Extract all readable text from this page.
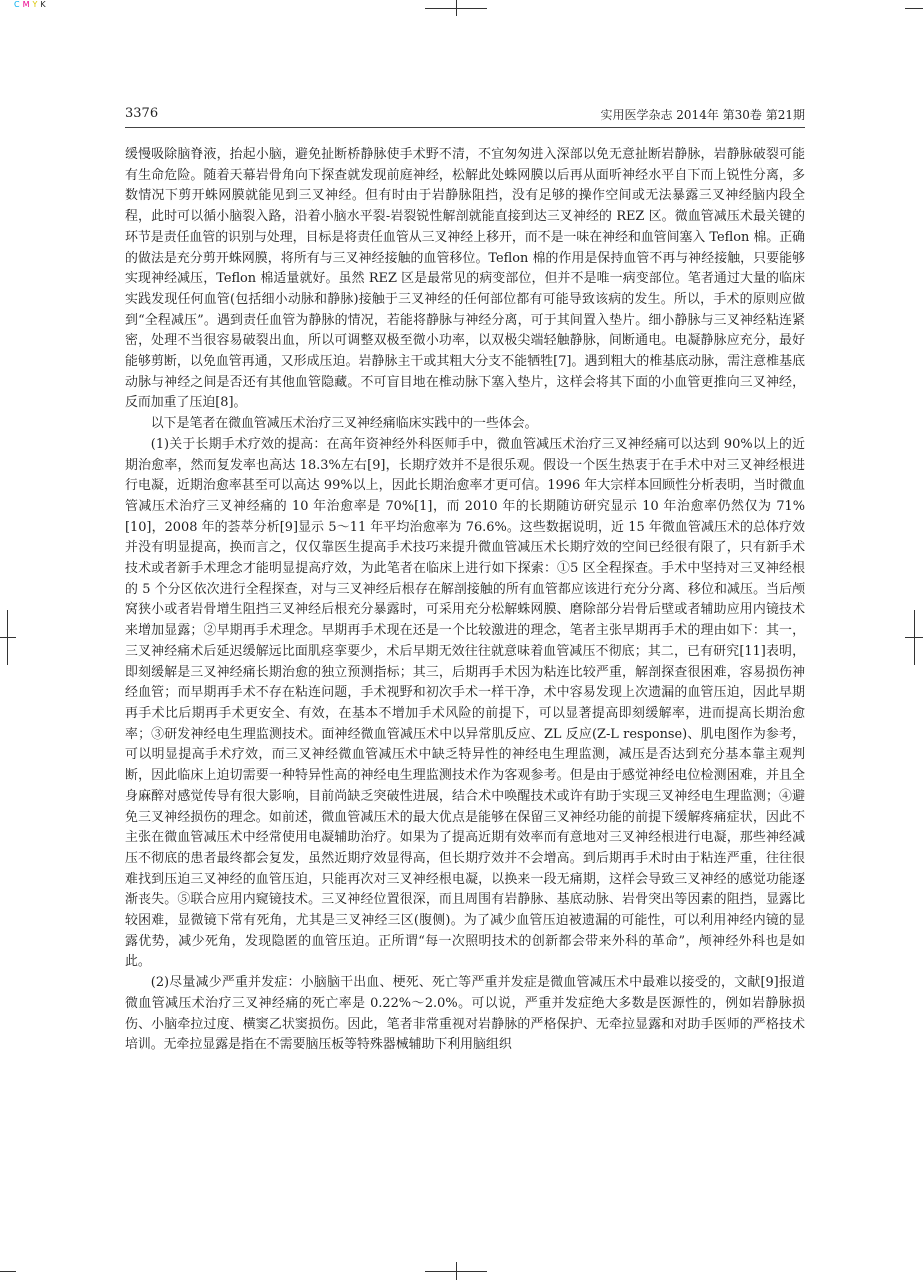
CMYK
3376	实用医学杂志 2014年 第30卷 第21期

缓慢吸除脑脊液，抬起小脑，避免扯断桥静脉使手术野不清，不宜匆匆进入深部以免无意扯断岩静脉，岩静脉破裂可能有生命危险。随着天幕岩骨角向下探查就发现前庭神经，松解此处蛛网膜以后再从面听神经水平自下而上锐性分离，多数情况下剪开蛛网膜就能见到三叉神经。但有时由于岩静脉阻挡，没有足够的操作空间或无法暴露三叉神经脑内段全程，此时可以循小脑裂入路，沿着小脑水平裂-岩裂锐性解剖就能直接到达三叉神经的 REZ 区。微血管减压术最关键的环节是责任血管的识别与处理，目标是将责任血管从三叉神经上移开，而不是一味在神经和血管间塞入 Teflon 棉。正确的做法是充分剪开蛛网膜，将所有与三叉神经接触的血管移位。Teflon 棉的作用是保持血管不再与神经接触，只要能够实现神经减压，Teflon 棉适量就好。虽然 REZ 区是最常见的病变部位，但并不是唯一病变部位。笔者通过大量的临床实践发现任何血管(包括细小动脉和静脉)接触于三叉神经的任何部位都有可能导致该病的发生。所以，手术的原则应做到“全程减压”。遇到责任血管为静脉的情况，若能将静脉与神经分离，可于其间置入垫片。细小静脉与三叉神经粘连紧密，处理不当很容易破裂出血，所以可调整双极至微小功率，以双极尖端轻触静脉，间断通电。电凝静脉应充分，最好能够剪断，以免血管再通，又形成压迫。岩静脉主干或其粗大分支不能牺牲[7]。遇到粗大的椎基底动脉，需注意椎基底动脉与神经之间是否还有其他血管隐藏。不可盲目地在椎动脉下塞入垫片，这样会将其下面的小血管更推向三叉神经，反而加重了压迫[8]。

以下是笔者在微血管减压术治疗三叉神经痛临床实践中的一些体会。

(1)关于长期手术疗效的提高：在高年资神经外科医师手中，微血管减压术治疗三叉神经痛可以达到 90%以上的近期治愈率，然而复发率也高达 18.3%左右[9]，长期疗效并不是很乐观。假设一个医生热衷于在手术中对三叉神经根进行电凝，近期治愈率甚至可以高达 99%以上，因此长期治愈率才更可信。1996 年大宗样本回顾性分析表明，当时微血管减压术治疗三叉神经痛的 10 年治愈率是 70%[1]，而 2010 年的长期随访研究显示 10 年治愈率仍然仅为 71%[10]，2008 年的荟萃分析[9]显示 5～11 年平均治愈率为 76.6%。这些数据说明，近 15 年微血管减压术的总体疗效并没有明显提高，换而言之，仅仅靠医生提高手术技巧来提升微血管减压术长期疗效的空间已经很有限了，只有新手术技术或者新手术理念才能明显提高疗效，为此笔者在临床上进行如下探索：①5 区全程探查。手术中坚持对三叉神经根的 5 个分区依次进行全程探查，对与三叉神经后根存在解剖接触的所有血管都应该进行充分分离、移位和减压。当后颅窝狭小或者岩骨增生阻挡三叉神经后根充分暴露时，可采用充分松解蛛网膜、磨除部分岩骨后壁或者辅助应用内镜技术来增加显露；②早期再手术理念。早期再手术现在还是一个比较激进的理念，笔者主张早期再手术的理由如下：其一，三叉神经痛术后延迟缓解远比面肌痉挛要少，术后早期无效往往就意味着血管减压不彻底；其二，已有研究[11]表明，即刻缓解是三叉神经痛长期治愈的独立预测指标；其三，后期再手术因为粘连比较严重，解剖探查很困难，容易损伤神经血管；而早期再手术不存在粘连问题，手术视野和初次手术一样干净，术中容易发现上次遗漏的血管压迫，因此早期再手术比后期再手术更安全、有效，在基本不增加手术风险的前提下，可以显著提高即刻缓解率，进而提高长期治愈率；③研发神经电生理监测技术。面神经微血管减压术中以异常肌反应、ZL 反应(Z-L response)、肌电图作为参考，可以明显提高手术疗效，而三叉神经微血管减压术中缺乏特异性的神经电生理监测，减压是否达到充分基本靠主观判断，因此临床上迫切需要一种特异性高的神经电生理监测技术作为客观参考。但是由于感觉神经电位检测困难，并且全身麻醉对感觉传导有很大影响，目前尚缺乏突破性进展，结合术中唤醒技术或许有助于实现三叉神经电生理监测；④避免三叉神经损伤的理念。如前述，微血管减压术的最大优点是能够在保留三叉神经功能的前提下缓解疼痛症状，因此不主张在微血管减压术中经常使用电凝辅助治疗。如果为了提高近期有效率而有意地对三叉神经根进行电凝，那些神经减压不彻底的患者最终都会复发，虽然近期疗效显得高，但长期疗效并不会增高。到后期再手术时由于粘连严重，往往很难找到压迫三叉神经的血管压迫，只能再次对三叉神经根电凝，以换来一段无痛期，这样会导致三叉神经的感觉功能逐渐丧失。⑤联合应用内窥镜技术。三叉神经位置很深，而且周围有岩静脉、基底动脉、岩骨突出等因素的阻挡，显露比较困难，显微镜下常有死角，尤其是三叉神经三区(腹侧)。为了减少血管压迫被遗漏的可能性，可以利用神经内镜的显露优势，减少死角，发现隐匿的血管压迫。正所谓“每一次照明技术的创新都会带来外科的革命”，颅神经外科也是如此。

(2)尽量减少严重并发症：小脑脑干出血、梗死、死亡等严重并发症是微血管减压术中最难以接受的，文献[9]报道微血管减压术治疗三叉神经痛的死亡率是 0.22%～2.0%。可以说，严重并发症绝大多数是医源性的，例如岩静脉损伤、小脑牵拉过度、横窦乙状窦损伤。因此，笔者非常重视对岩静脉的严格保护、无牵拉显露和对助手医师的严格技术培训。无牵拉显露是指在不需要脑压板等特殊器械辅助下利用脑组织
